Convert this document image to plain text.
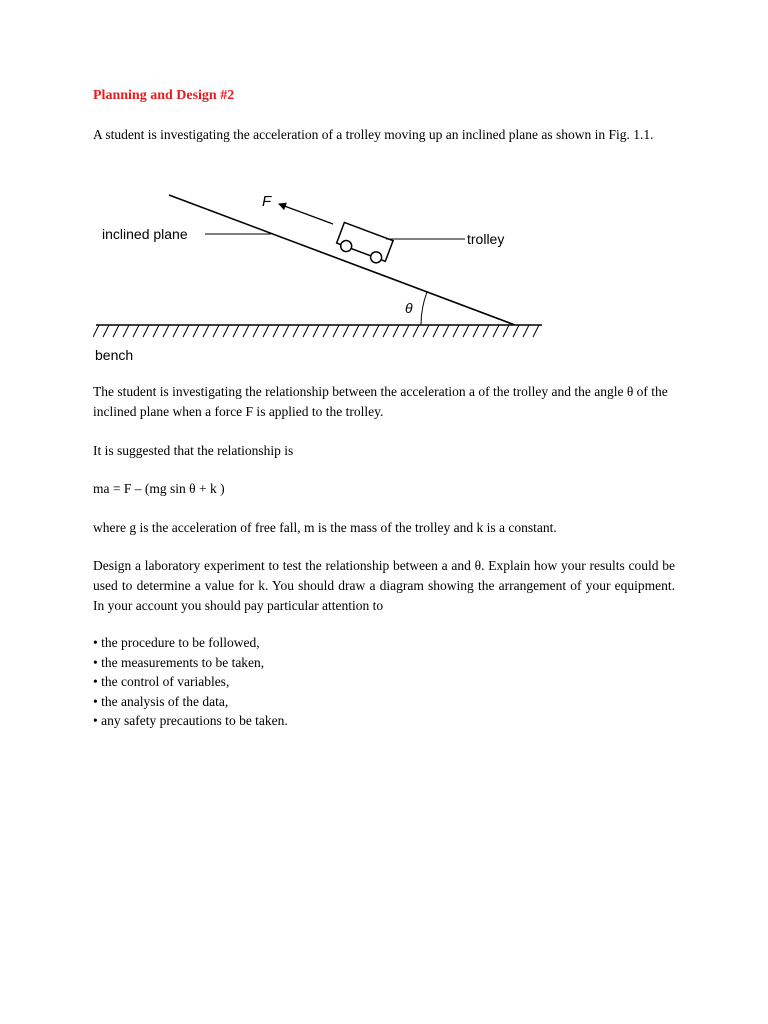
Planning and Design #2

A student is investigating the acceleration of a trolley moving up an inclined plane as shown in Fig. 1.1.

F
inclined plane	trolley
θ
bench

The student is investigating the relationship between the acceleration a of the trolley and the angle θ of the inclined plane when a force F is applied to the trolley.

It is suggested that the relationship is

ma = F – (mg sin θ + k )

where g is the acceleration of free fall, m is the mass of the trolley and k is a constant.

Design a laboratory experiment to test the relationship between a and θ. Explain how your results could be used to determine a value for k. You should draw a diagram showing the arrangement of your equipment. In your account you should pay particular attention to

• the procedure to be followed,
• the measurements to be taken,
• the control of variables,
• the analysis of the data,
• any safety precautions to be taken.
